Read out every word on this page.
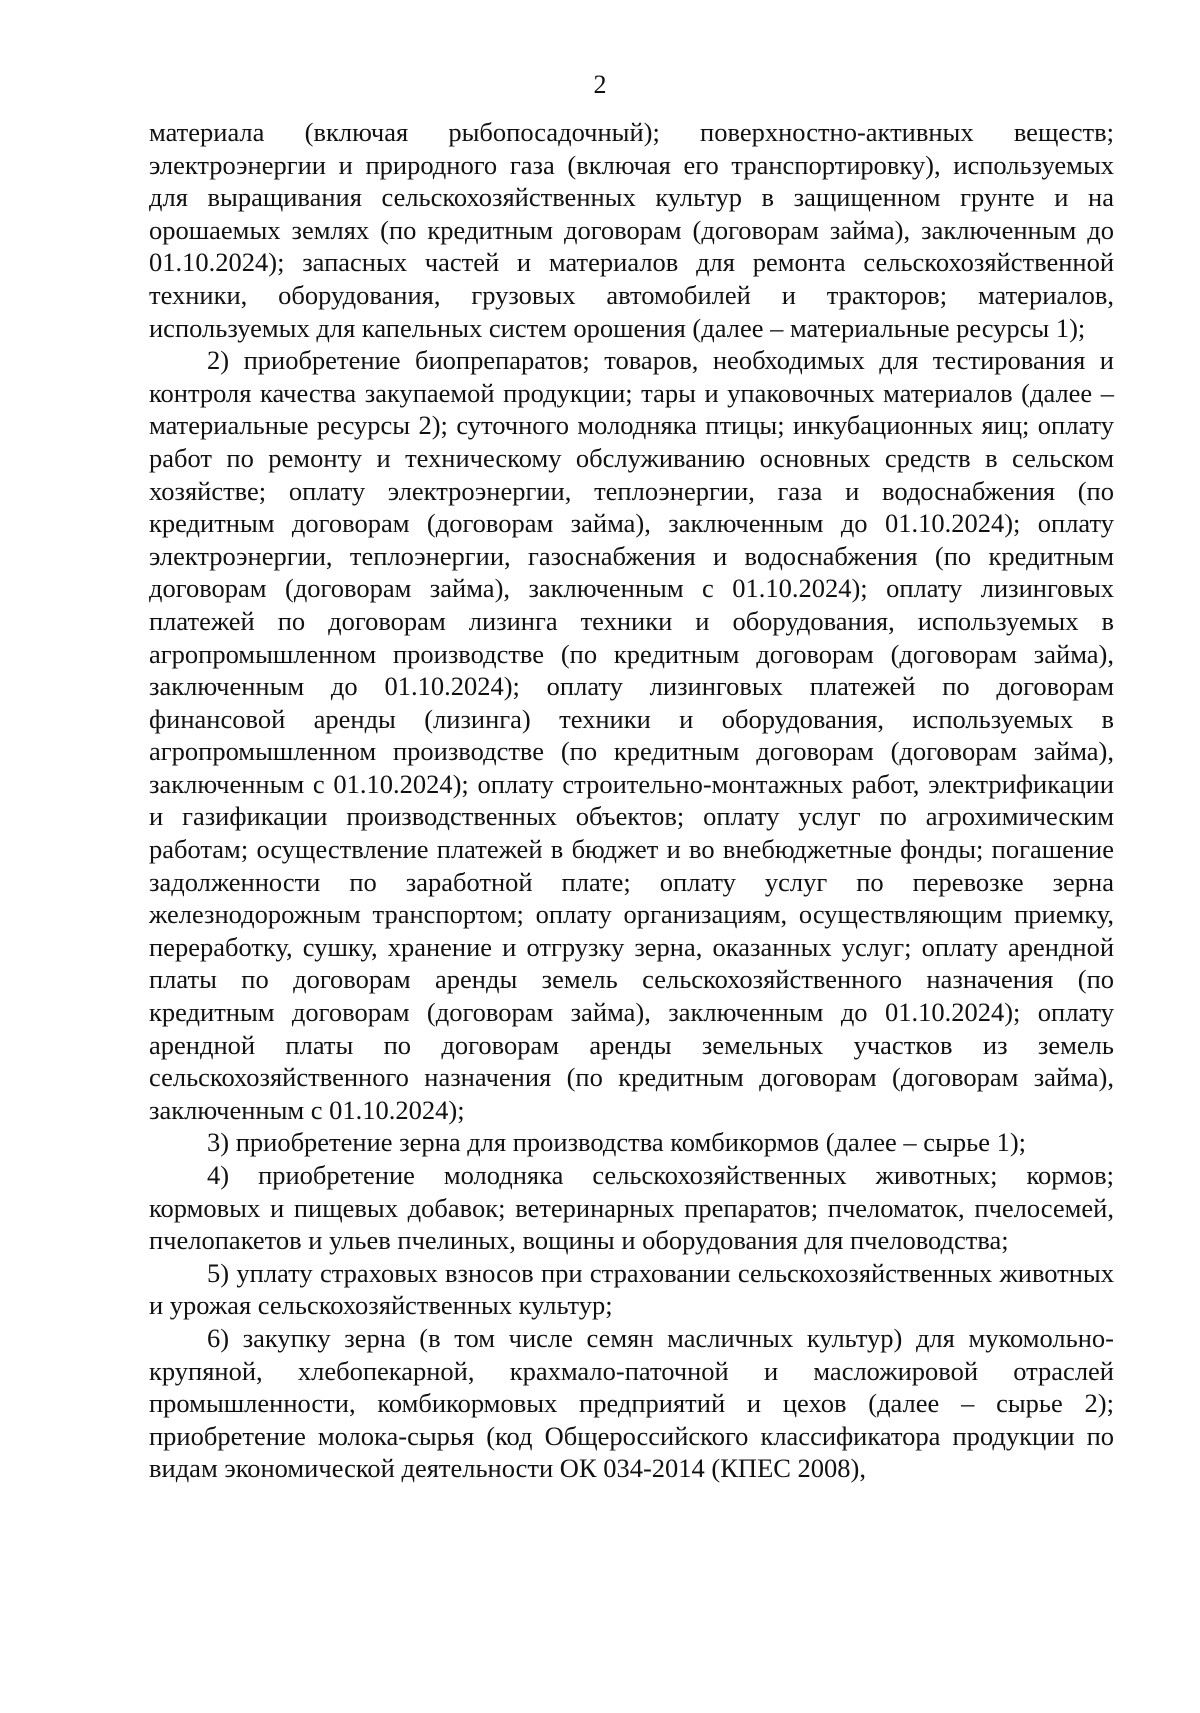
2

материала (включая рыбопосадочный); поверхностно-активных веществ; электроэнергии и природного газа (включая его транспортировку), используемых для выращивания сельскохозяйственных культур в защищенном грунте и на орошаемых землях (по кредитным договорам (договорам займа), заключенным до 01.10.2024); запасных частей и материалов для ремонта сельскохозяйственной техники, оборудования, грузовых автомобилей и тракторов; материалов, используемых для капельных систем орошения (далее – материальные ресурсы 1);

2) приобретение биопрепаратов; товаров, необходимых для тестирования и контроля качества закупаемой продукции; тары и упаковочных материалов (далее – материальные ресурсы 2); суточного молодняка птицы; инкубационных яиц; оплату работ по ремонту и техническому обслуживанию основных средств в сельском хозяйстве; оплату электроэнергии, теплоэнергии, газа и водоснабжения (по кредитным договорам (договорам займа), заключенным до 01.10.2024); оплату электроэнергии, теплоэнергии, газоснабжения и водоснабжения (по кредитным договорам (договорам займа), заключенным с 01.10.2024); оплату лизинговых платежей по договорам лизинга техники и оборудования, используемых в агропромышленном производстве (по кредитным договорам (договорам займа), заключенным до 01.10.2024); оплату лизинговых платежей по договорам финансовой аренды (лизинга) техники и оборудования, используемых в агропромышленном производстве (по кредитным договорам (договорам займа), заключенным с 01.10.2024); оплату строительно-монтажных работ, электрификации и газификации производственных объектов; оплату услуг по агрохимическим работам; осуществление платежей в бюджет и во внебюджетные фонды; погашение задолженности по заработной плате; оплату услуг по перевозке зерна железнодорожным транспортом; оплату организациям, осуществляющим приемку, переработку, сушку, хранение и отгрузку зерна, оказанных услуг; оплату арендной платы по договорам аренды земель сельскохозяйственного назначения (по кредитным договорам (договорам займа), заключенным до 01.10.2024); оплату арендной платы по договорам аренды земельных участков из земель сельскохозяйственного назначения (по кредитным договорам (договорам займа), заключенным с 01.10.2024);

3) приобретение зерна для производства комбикормов (далее – сырье 1);

4) приобретение молодняка сельскохозяйственных животных; кормов; кормовых и пищевых добавок; ветеринарных препаратов; пчеломаток, пчелосемей, пчелопакетов и ульев пчелиных, вощины и оборудования для пчеловодства;

5) уплату страховых взносов при страховании сельскохозяйственных животных и урожая сельскохозяйственных культур;

6) закупку зерна (в том числе семян масличных культур) для мукомольно-крупяной, хлебопекарной, крахмало-паточной и масложировой отраслей промышленности, комбикормовых предприятий и цехов (далее – сырье 2); приобретение молока-сырья (код Общероссийского классификатора продукции по видам экономической деятельности ОК 034-2014 (КПЕС 2008),
